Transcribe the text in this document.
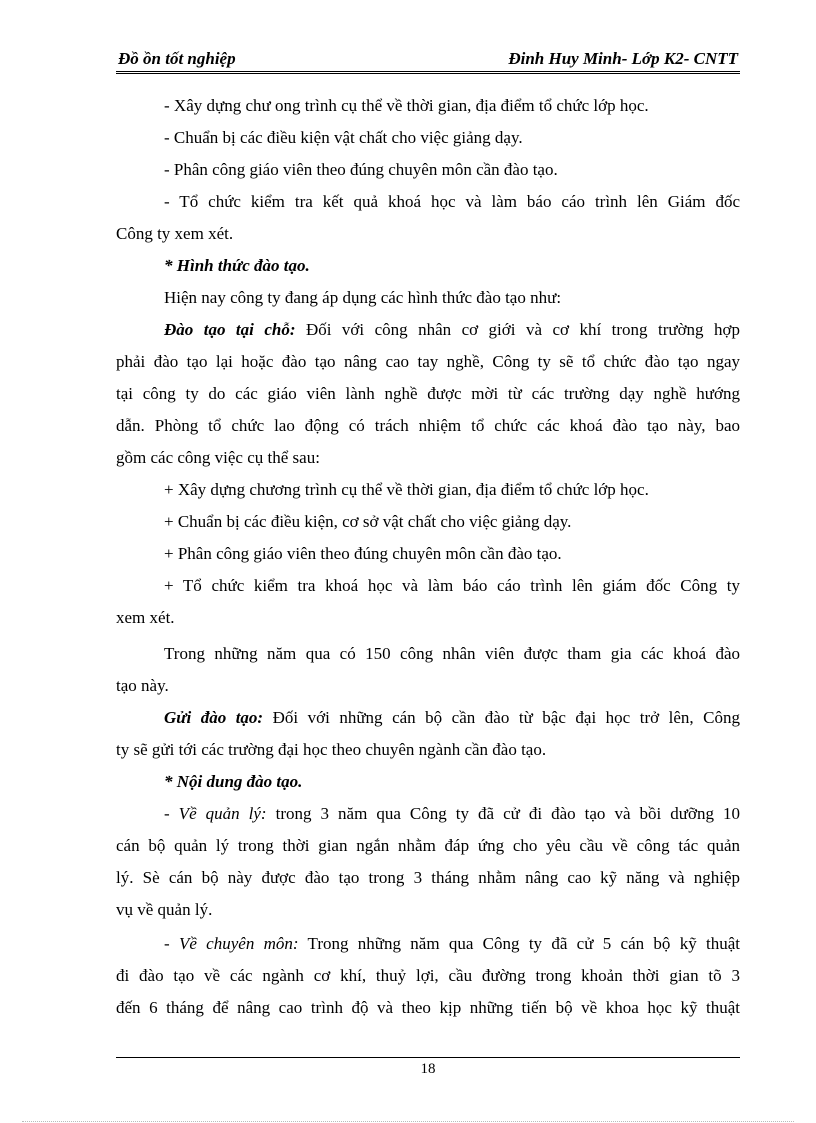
Đồ ồn tốt nghiệp	Đinh Huy Minh- Lớp K2- CNTT
- Xây dựng chư ong trình cụ thể về thời gian, địa điểm tổ chức lớp học.
- Chuẩn bị các điều kiện vật chất cho việc giảng dạy.
- Phân công giáo viên theo đúng chuyên môn cần đào tạo.
- Tổ chức kiểm tra kết quả khoá học và làm báo cáo trình lên Giám đốc
Công ty xem xét.
* Hình thức đào tạo.
Hiện nay công ty đang áp dụng các hình thức đào tạo như:
Đào tạo tại chỗ: Đối với công nhân cơ giới và cơ khí trong trường hợp
phải đào tạo lại hoặc đào tạo nâng cao tay nghề, Công ty sẽ tổ chức đào tạo ngay
tại công ty do các giáo viên lành nghề được mời từ các trường dạy nghề hướng
dẫn. Phòng tổ chức lao động có trách nhiệm tổ chức các khoá đào tạo này, bao
gồm các công việc cụ thể sau:
+ Xây dựng chương trình cụ thể về thời gian, địa điểm tổ chức lớp học.
+ Chuẩn bị các điều kiện, cơ sở vật chất cho việc giảng dạy.
+ Phân công giáo viên theo đúng chuyên môn cần đào tạo.
+ Tổ chức kiểm tra khoá học và làm báo cáo trình lên giám đốc Công ty
xem xét.
Trong những năm qua có 150 công nhân viên được tham gia các khoá đào
tạo này.
Gửi đào tạo: Đối với những cán bộ cần đào từ bậc đại học trở lên, Công
ty sẽ gửi tới các trường đại học theo chuyên ngành cần đào tạo.
* Nội dung đào tạo.
- Về quản lý: trong 3 năm qua Công ty đã cử đi đào tạo và bồi dưỡng 10
cán bộ quản lý trong thời gian ngắn nhằm đáp ứng cho yêu cầu về công tác quản
lý. Sè cán bộ này được đào tạo trong 3 tháng nhằm nâng cao kỹ năng và nghiệp
vụ về quản lý.
- Về chuyên môn: Trong những năm qua Công ty đã cử 5 cán bộ kỹ thuật
đi đào tạo về các ngành cơ khí, thuỷ lợi, cầu đường trong khoản thời gian tõ 3
đến 6 tháng để nâng cao trình độ và theo kịp những tiến bộ về khoa học kỹ thuật
18
